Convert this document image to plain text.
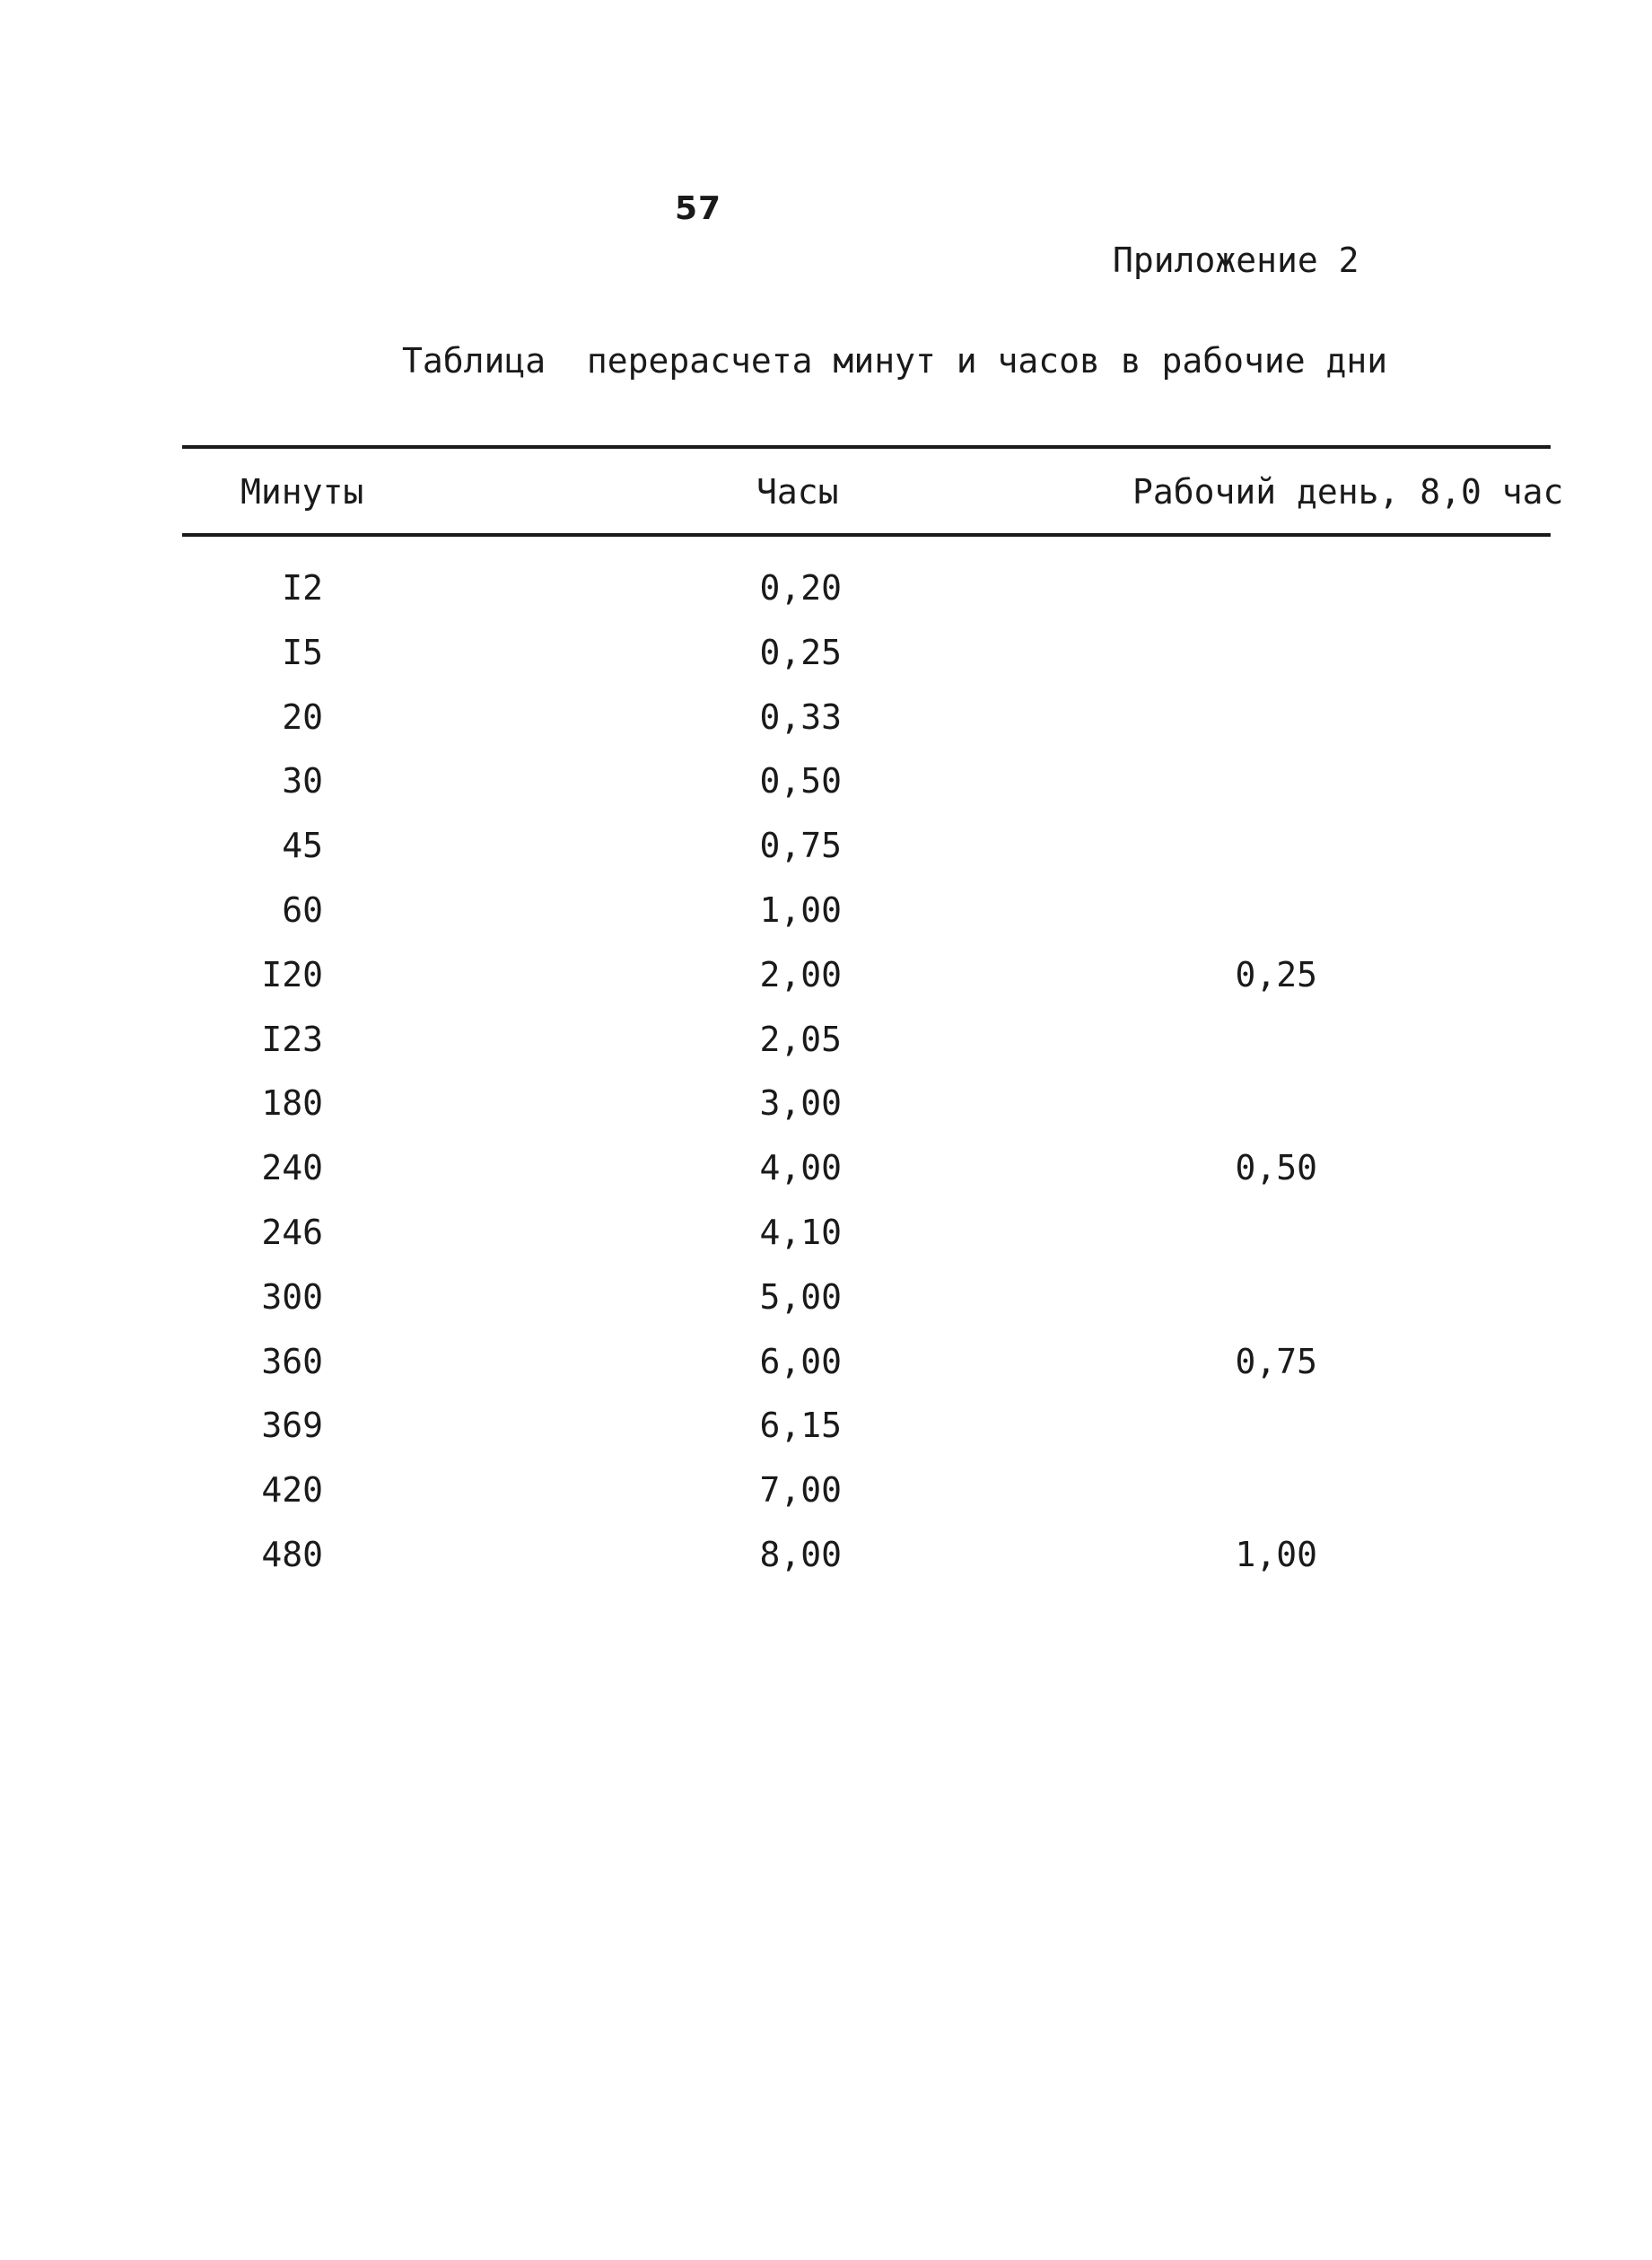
57
Приложение 2
Таблица  перерасчета минут и часов в рабочие дни
Минуты	Часы	Рабочий день, 8,0 час
I2	0,20
I5	0,25
20	0,33
30	0,50
45	0,75
60	1,00
I20	2,00	0,25
I23	2,05
180	3,00
240	4,00	0,50
246	4,10
300	5,00
360	6,00	0,75
369	6,15
420	7,00
480	8,00	1,00
